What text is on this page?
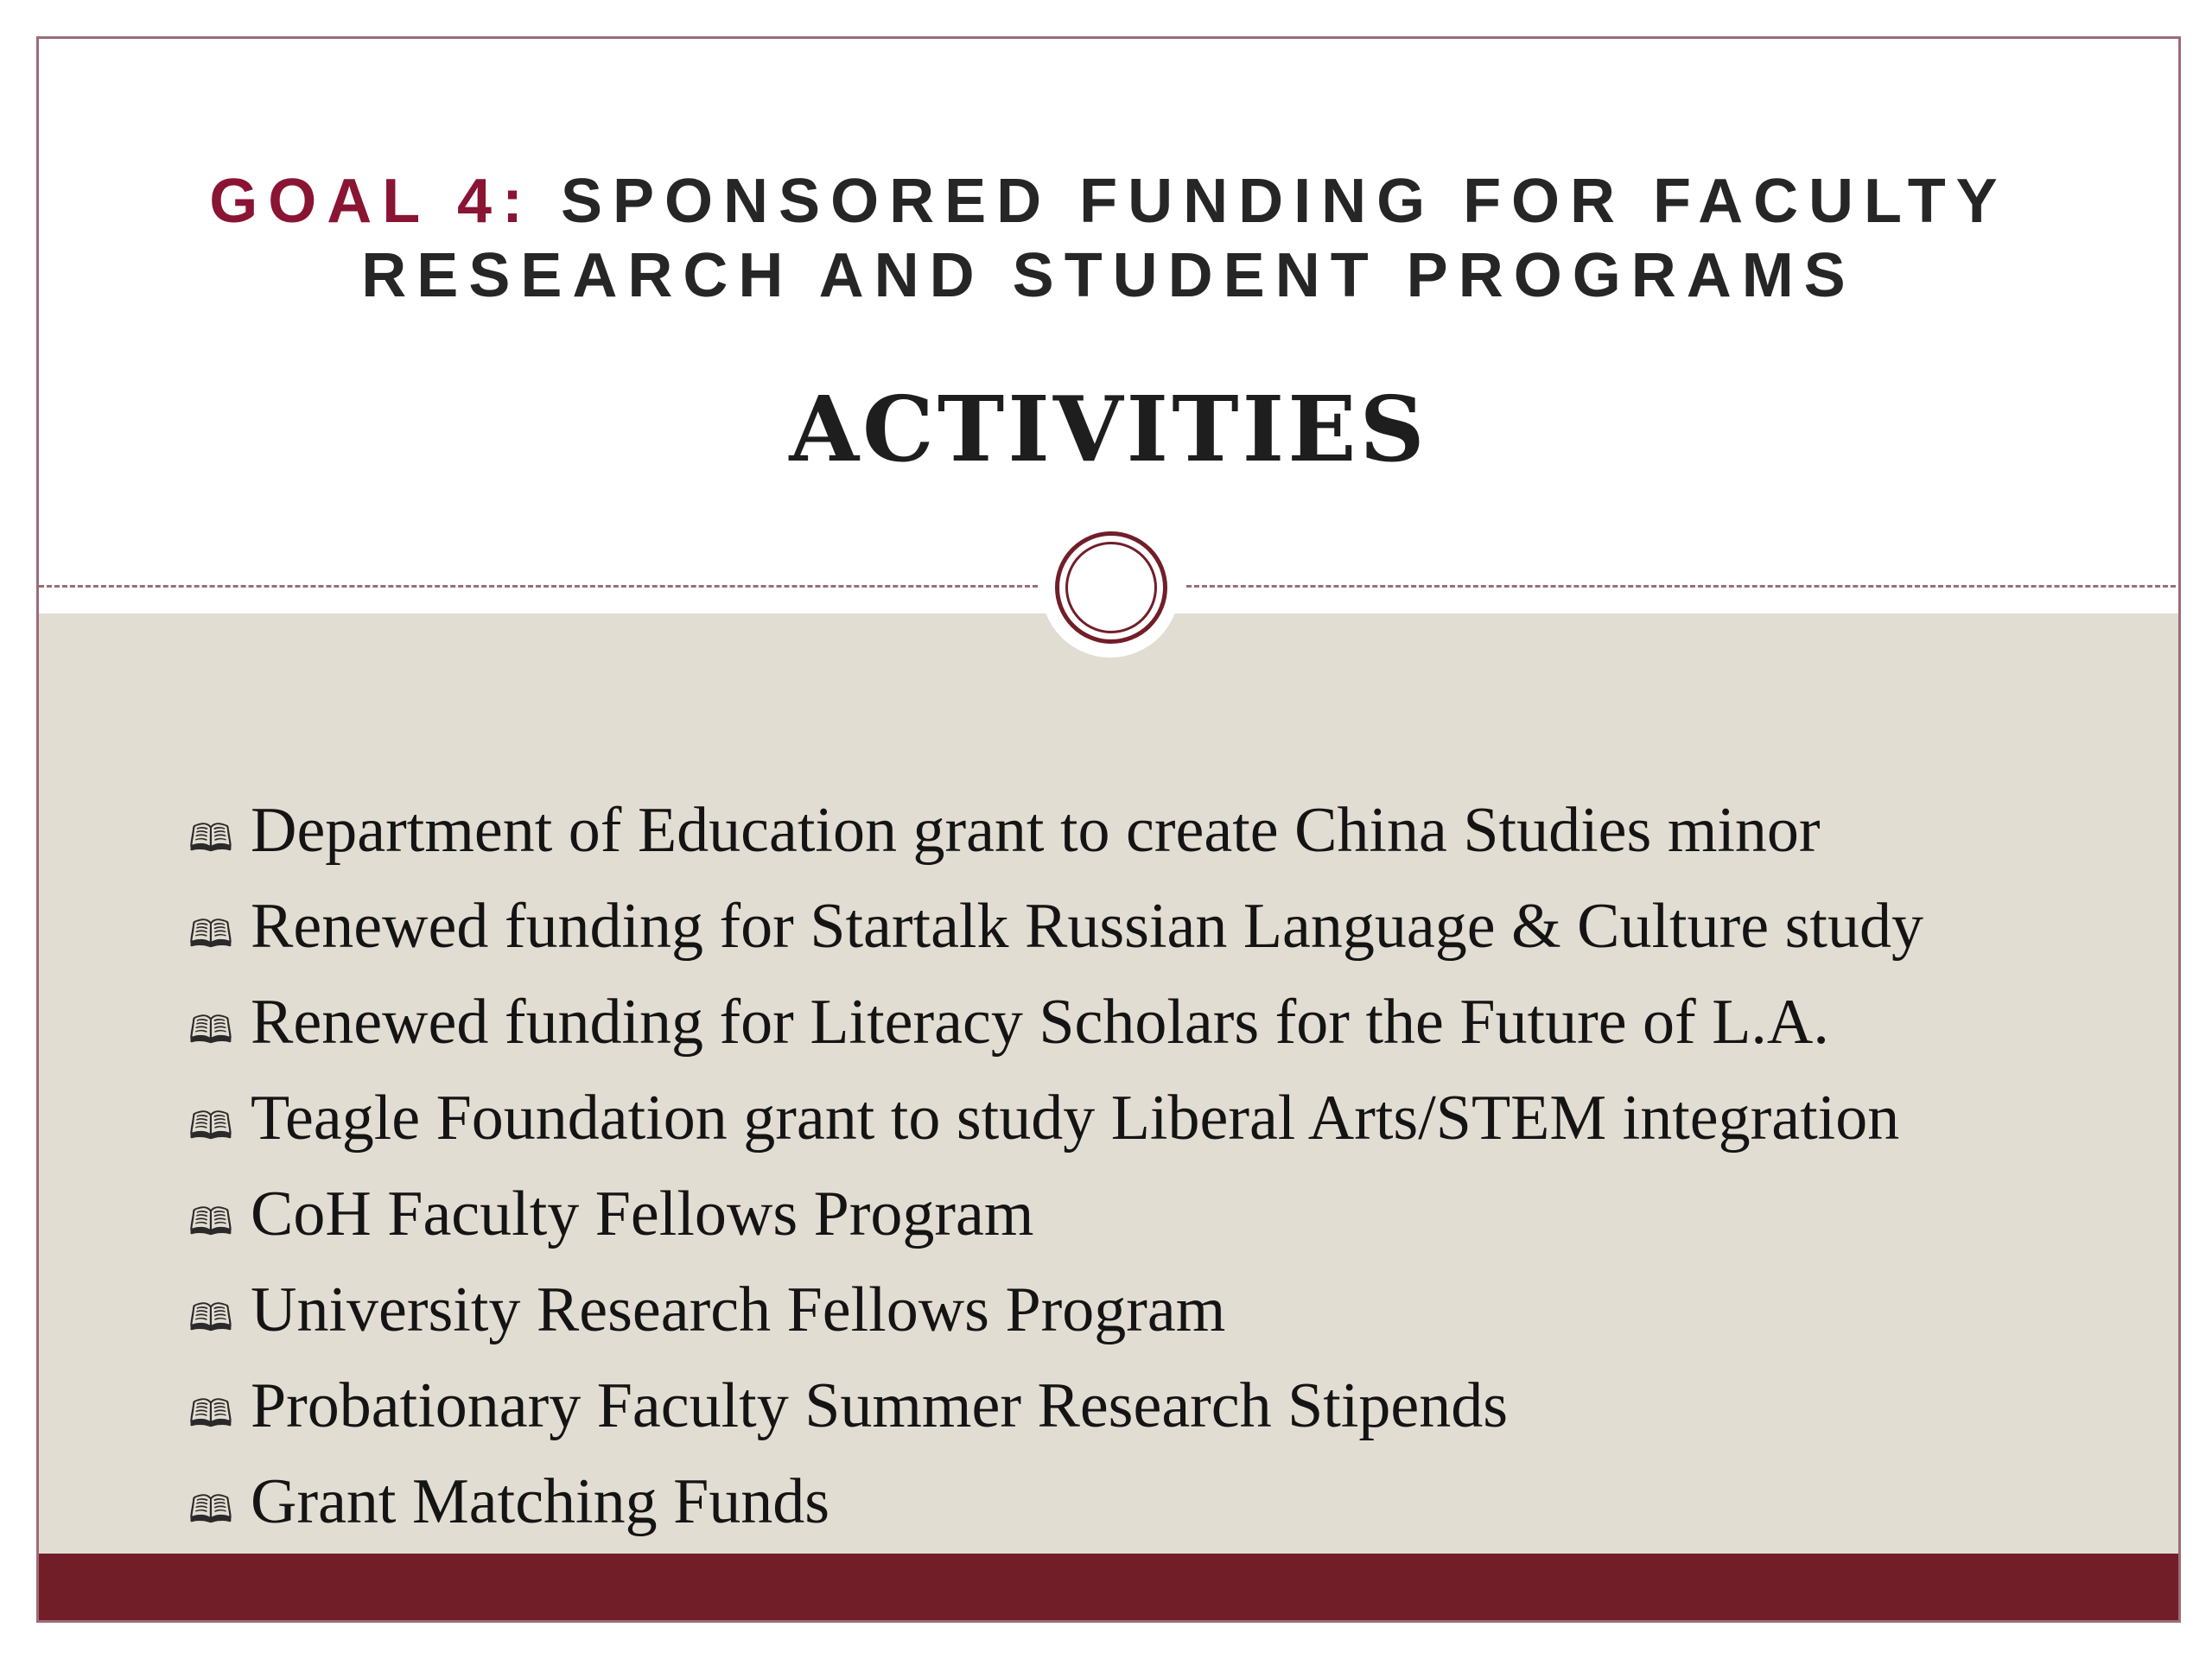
GOAL 4: SPONSORED FUNDING FOR FACULTY RESEARCH AND STUDENT PROGRAMS
ACTIVITIES
🕮 Department of Education grant to create China Studies minor
🕮 Renewed funding for Startalk Russian Language & Culture study
🕮 Renewed funding for Literacy Scholars for the Future of L.A.
🕮 Teagle Foundation grant to study Liberal Arts/STEM integration
🕮 CoH Faculty Fellows Program
🕮 University Research Fellows Program
🕮 Probationary Faculty Summer Research Stipends
🕮 Grant Matching Funds
